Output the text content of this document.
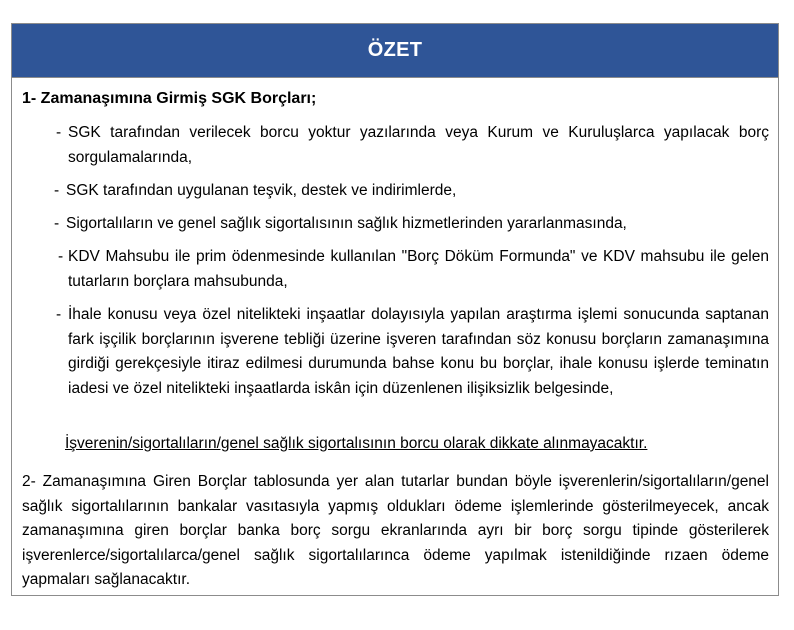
ÖZET
1- Zamanaşımına Girmiş SGK Borçları;
- SGK tarafından verilecek borcu yoktur yazılarında veya Kurum ve Kuruluşlarca yapılacak borç sorgulamalarında,
- SGK tarafından uygulanan teşvik, destek ve indirimlerde,
- Sigortalıların ve genel sağlık sigortalısının sağlık hizmetlerinden yararlanmasında,
- KDV Mahsubu ile prim ödenmesinde kullanılan "Borç Döküm Formunda" ve KDV mahsubu ile gelen tutarların borçlara mahsubunda,
- İhale konusu veya özel nitelikteki inşaatlar dolayısıyla yapılan araştırma işlemi sonucunda saptanan fark işçilik borçlarının işverene tebliği üzerine işveren tarafından söz konusu borçların zamanaşımına girdiği gerekçesiyle itiraz edilmesi durumunda bahse konu bu borçlar, ihale konusu işlerde teminatın iadesi ve özel nitelikteki inşaatlarda iskân için düzenlenen ilişiksizlik belgesinde,
İşverenin/sigortalıların/genel sağlık sigortalısının borcu olarak dikkate alınmayacaktır.
2- Zamanaşımına Giren Borçlar tablosunda yer alan tutarlar bundan böyle işverenlerin/sigortalıların/genel sağlık sigortalılarının bankalar vasıtasıyla yapmış oldukları ödeme işlemlerinde gösterilmeyecek, ancak zamanaşımına giren borçlar banka borç sorgu ekranlarında ayrı bir borç sorgu tipinde gösterilerek işverenlerce/sigortalılarca/genel sağlık sigortalılarınca ödeme yapılmak istenildiğinde rızaen ödeme yapmaları sağlanacaktır.
